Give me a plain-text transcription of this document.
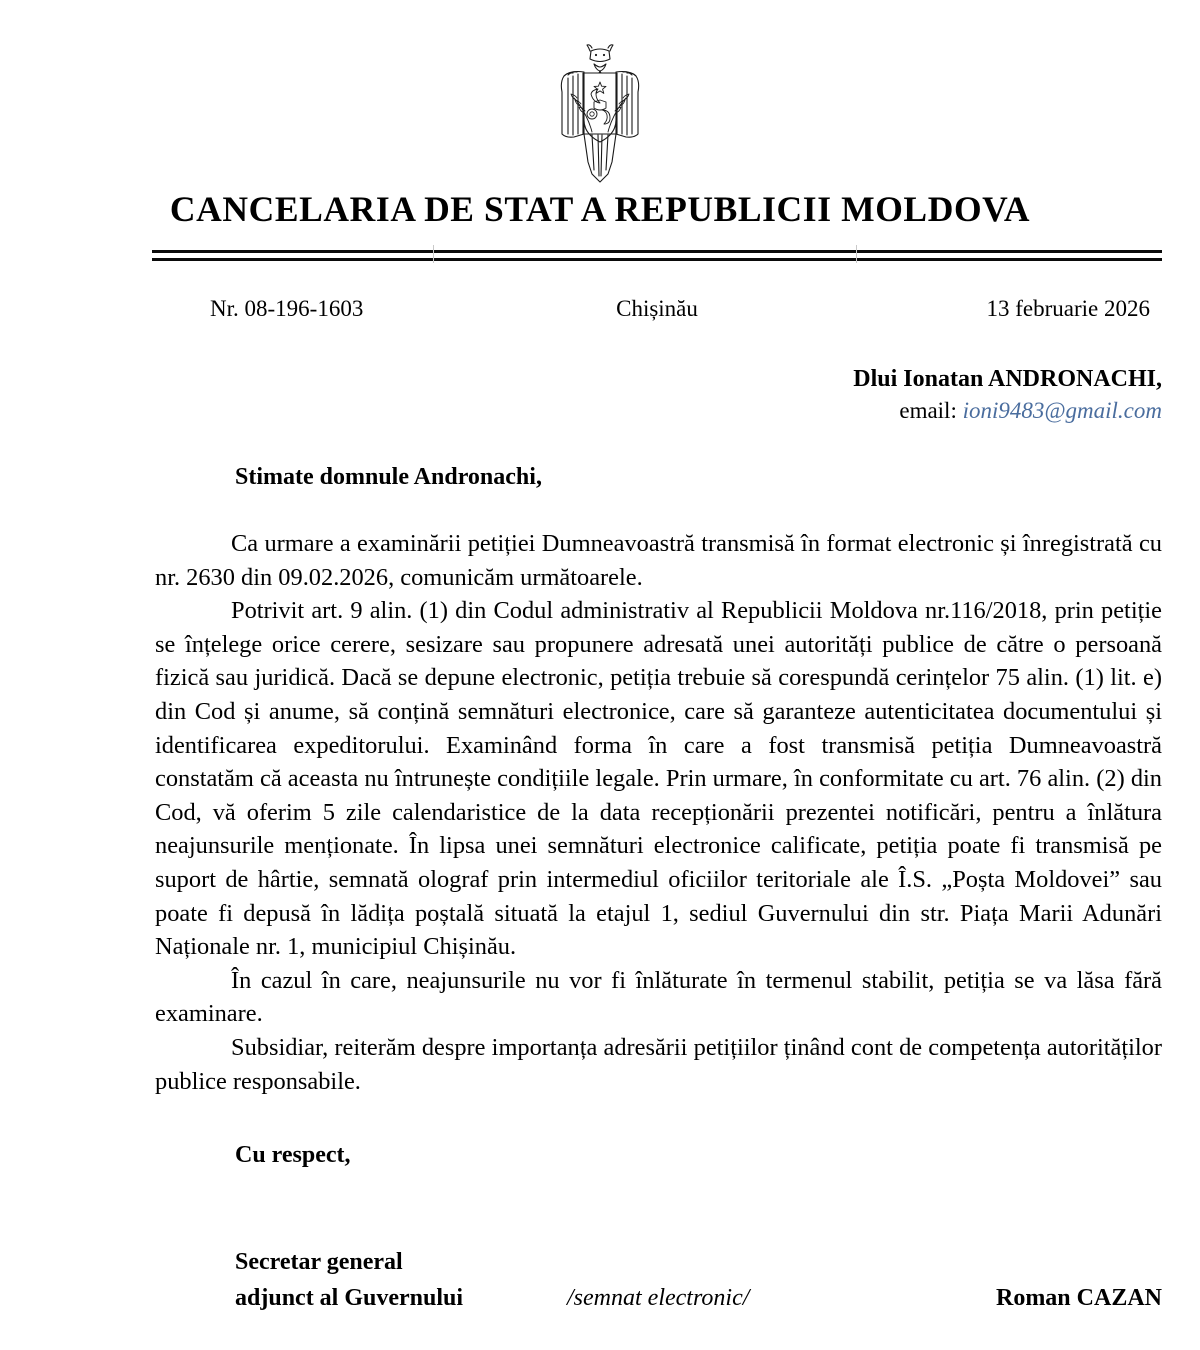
CANCELARIA DE STAT A REPUBLICII MOLDOVA
Nr. 08-196-1603	Chișinău	13 februarie 2026
Dlui Ionatan ANDRONACHI,
email: ioni9483@gmail.com
Stimate domnule Andronachi,

Ca urmare a examinării petiției Dumneavoastră transmisă în format electronic și înregistrată cu nr. 2630 din 09.02.2026, comunicăm următoarele.

Potrivit art. 9 alin. (1) din Codul administrativ al Republicii Moldova nr.116/2018, prin petiție se înțelege orice cerere, sesizare sau propunere adresată unei autorități publice de către o persoană fizică sau juridică. Dacă se depune electronic, petiția trebuie să corespundă cerințelor 75 alin. (1) lit. e) din Cod și anume, să conțină semnături electronice, care să garanteze autenticitatea documentului și identificarea expeditorului. Examinând forma în care a fost transmisă petiția Dumneavoastră constatăm că aceasta nu întrunește condițiile legale. Prin urmare, în conformitate cu art. 76 alin. (2) din Cod, vă oferim 5 zile calendaristice de la data recepționării prezentei notificări, pentru a înlătura neajunsurile menționate. În lipsa unei semnături electronice calificate, petiția poate fi transmisă pe suport de hârtie, semnată olograf prin intermediul oficiilor teritoriale ale Î.S. „Poșta Moldovei” sau poate fi depusă în lădița poștală situată la etajul 1, sediul Guvernului din str. Piața Marii Adunări Naționale nr. 1, municipiul Chișinău.

În cazul în care, neajunsurile nu vor fi înlăturate în termenul stabilit, petiția se va lăsa fără examinare.

Subsidiar, reiterăm despre importanța adresării petițiilor ținând cont de competența autorităților publice responsabile.

Cu respect,
Secretar general
adjunct al Guvernului	/semnat electronic/	Roman CAZAN
